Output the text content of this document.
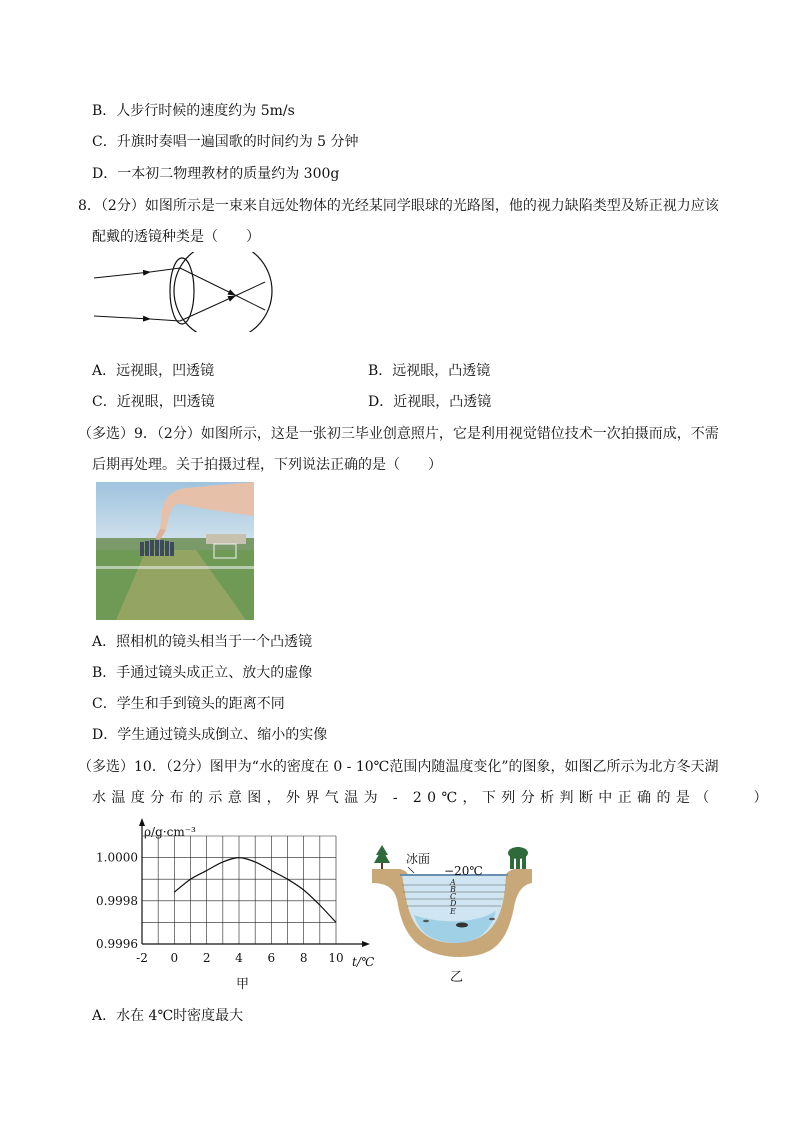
B．人步行时候的速度约为 5m/s
C．升旗时奏唱一遍国歌的时间约为 5 分钟
D．一本初二物理教材的质量约为 300g
8．（2分）如图所示是一束来自远处物体的光经某同学眼球的光路图，他的视力缺陷类型及矫正视力应该
配戴的透镜种类是（　　）
A．远视眼，凹透镜	B．远视眼，凸透镜
C．近视眼，凹透镜	D．近视眼，凸透镜
（多选）9．（2分）如图所示，这是一张初三毕业创意照片，它是利用视觉错位技术一次拍摄而成，不需
后期再处理。关于拍摄过程，下列说法正确的是（　　）
A．照相机的镜头相当于一个凸透镜
B．手通过镜头成正立、放大的虚像
C．学生和手到镜头的距离不同
D．学生通过镜头成倒立、缩小的实像
（多选）10．（2分）图甲为“水的密度在 0 - 10℃范围内随温度变化”的图象，如图乙所示为北方冬天湖
水温度分布的示意图，外界气温为 - 20℃，下列分析判断中正确的是（　　）
-2 0 2 4 6 8 10
1.0000
0.9998
0.9996
ρ/g·cm⁻³
t/℃
甲
A
B
C
D
E
冰面
−20℃
乙
A．水在 4℃时密度最大
